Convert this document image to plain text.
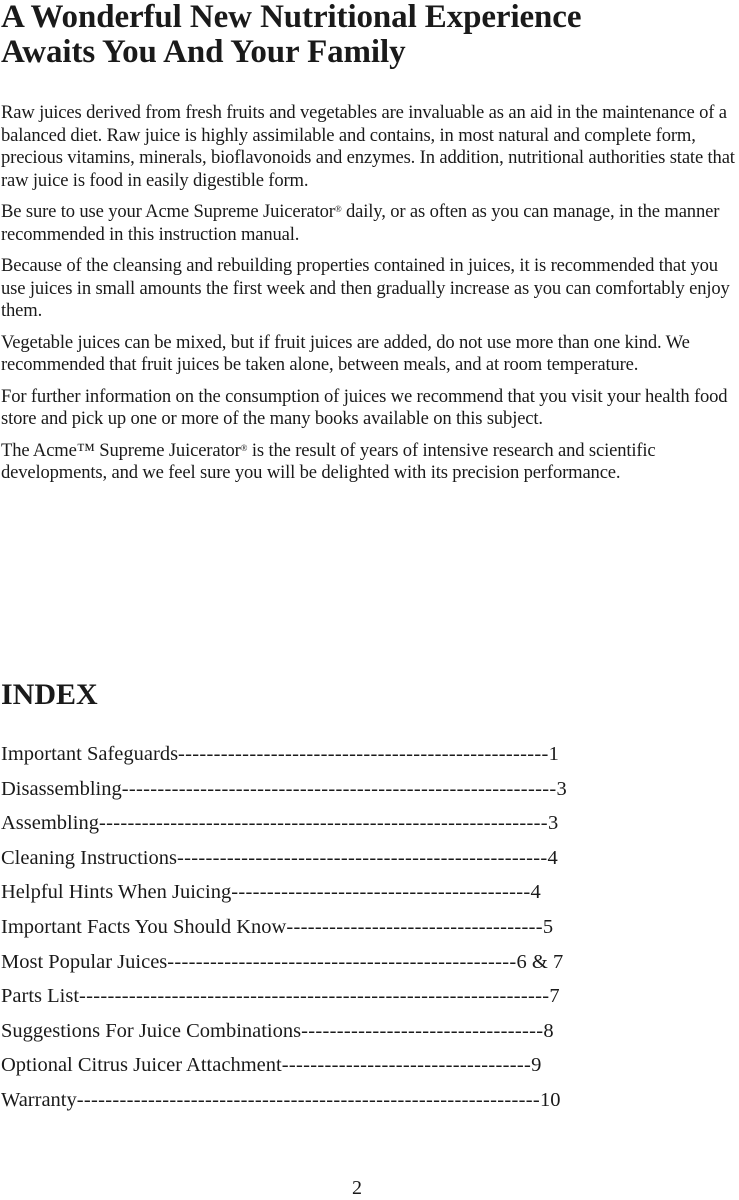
A Wonderful New Nutritional Experience
Awaits You And Your Family

Raw juices derived from fresh fruits and vegetables are invaluable as an aid in the maintenance of a balanced diet. Raw juice is highly assimilable and contains, in most natural and complete form, precious vitamins, minerals, bioflavonoids and enzymes. In addition, nutritional authorities state that raw juice is food in easily digestible form.

Be sure to use your Acme Supreme Juicerator® daily, or as often as you can manage, in the manner recommended in this instruction manual.

Because of the cleansing and rebuilding properties contained in juices, it is recommended that you use juices in small amounts the first week and then gradually increase as you can comfortably enjoy them.

Vegetable juices can be mixed, but if fruit juices are added, do not use more than one kind. We recommended that fruit juices be taken alone, between meals, and at room temperature.

For further information on the consumption of juices we recommend that you visit your health food store and pick up one or more of the many books available on this subject.

The Acme™ Supreme Juicerator® is the result of years of intensive research and scientific developments, and we feel sure you will be delighted with its precision performance.

INDEX
Important Safeguards----------------------------------------------------1
Disassembling-------------------------------------------------------------3
Assembling---------------------------------------------------------------3
Cleaning Instructions----------------------------------------------------4
Helpful Hints When Juicing------------------------------------------4
Important Facts You Should Know------------------------------------5
Most Popular Juices-------------------------------------------------6 & 7
Parts List------------------------------------------------------------------7
Suggestions For Juice Combinations----------------------------------8
Optional Citrus Juicer Attachment-----------------------------------9
Warranty-----------------------------------------------------------------10
2
